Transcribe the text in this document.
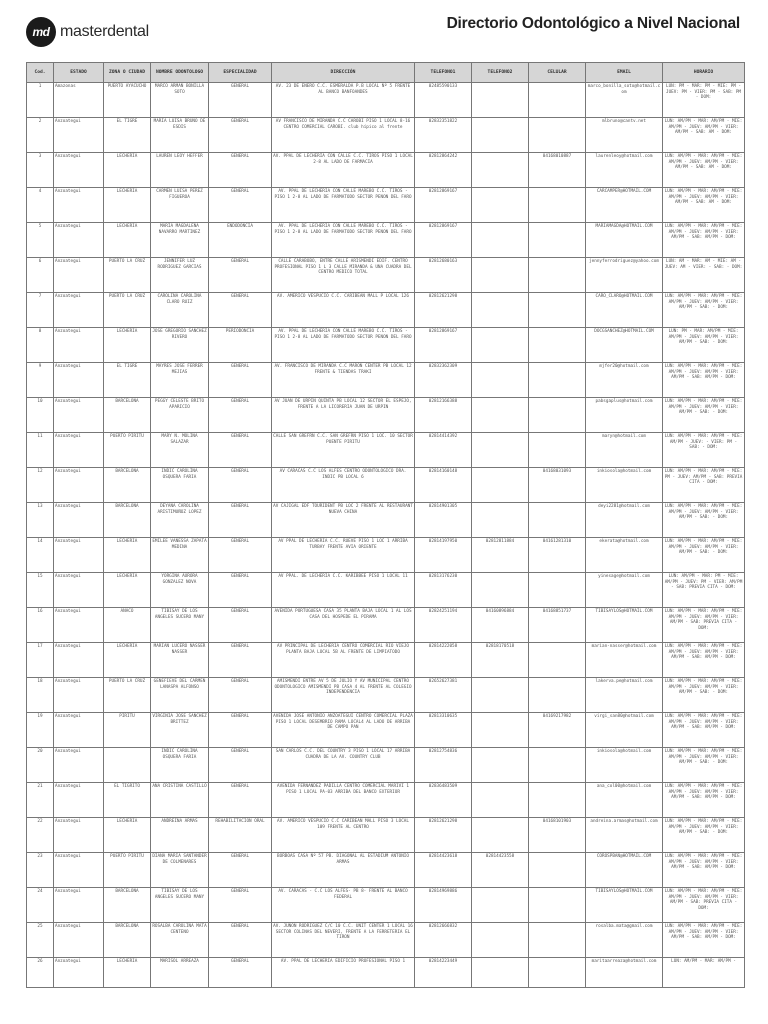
md masterdental	Directorio Odontológico a Nivel Nacional
Cod.	ESTADO	ZONA O CIUDAD	NOMBRE ODONTOLOGO	ESPECIALIDAD	DIRECCIÓN	TELEFONO1	TELEFONO2	CELULAR	EMAIL	HORARIO
1	Amazonas	PUERTO AYACUCHO	MARCO ARMAN BONILLA SOTO	GENERAL	AV. 23 DE ENERO C.C. ESMERALDA P.B LOCAL Nº 5 FRENTE AL BANCO BANFOANDES	02485590133			marco_bonilla_soto@hotmail.com	LUN: PM - MAR: PM - MIE: PM - JUEV: PM - VIER: PM - SAB: PM - DOM:
2	Anzoategui	EL TIGRE	MARIA LUISA BRUNO DE ESDIS	GENERAL	AV FRANCISCO DE MIRANDA C.C CAROBI PISO 1 LOCAL 8-16 CENTRO COMERCIAL CAROBI. club hípico al frente	02832351822			mlbruno@cantv.net	LUN: AM/PM - MAR: AM/PM - MIE: AM/PM - JUEV: AM/PM - VIER: AM/PM - SAB: AM - DOM:
3	Anzoategui	LECHERIA	LAUREN LEOY HEFFER	GENERAL	AV. PPAL DE LECHERIA CON CALLE C.C. TIROS PISO 1 LOCAL 2-8 AL LADO DE FARMACIA	02812864242		04168010887	laurenleoy@hotmail.com	LUN: AM/PM - MAR: AM/PM - MIE: AM/PM - JUEV: AM/PM - VIER: AM/PM - SAB: AM - DOM:
4	Anzoategui	LECHERIA	CARMEN LUISA PEREZ FIGUEROA	GENERAL	AV. PPAL DE LECHERIA CON CALLE MAREBO C.C. TIROS - PISO 1 2-8 AL LADO DE FARMATODO SECTOR PENON DEL FARO	02812869167			CARCAMPER@HOTMAIL.COM	LUN: AM/PM - MAR: AM/PM - MIE: AM/PM - JUEV: AM/PM - VIER: AM/PM - SAB: AM - DOM:
5	Anzoategui	LECHERIA	MARIA MAGDALENA NAVARRO MARTINEZ	ENDODONCIA	AV. PPAL DE LECHERIA CON CALLE MAREBO C.C. TIROS - PISO 1 2-8 AL LADO DE FARMATODO SECTOR PENON DEL FARO	02812869167			MARIAMAGDA@HOTMAIL.COM	LUN: AM/PM - MAR: AM/PM - MIE: AM/PM - JUEV: AM/PM - VIER: AM/PM - SAB: AM/PM - DOM:
6	Anzoategui	PUERTO LA CRUZ	JENNIFER LUZ RODRIGUEZ GARCIAS	GENERAL	CALLE CARABOBO, ENTRE CALLE ARISMENDI EDIF. CENTRO PROFESIONAL PISO 1 L 3 CALLE MIRANDA & UNA CUADRA DEL CENTRO MEDICO TOTAL	02812680163			jennyferrodriguez@yahoo.com	LUN: AM - MAR: AM - MIE: AM - JUEV: AM - VIER: - SAB: - DOM:
7	Anzoategui	PUERTO LA CRUZ	CAROLINA CAROLINA CLARO RUIZ	GENERAL	AV. AMERICO VESPUCIO C.C. CARIBEAN MALL P LOCAL 126	02812621298			CARO_CLARO@HOTMAIL.COM	LUN: AM/PM - MAR: AM/PM - MIE: AM/PM - JUEV: AM/PM - VIER: AM/PM - SAB: - DOM:
8	Anzoategui	LECHERIA	JOSE GREGORIO SANCHEZ RIVERO	PERIODONCIA	AV. PPAL DE LECHERIA CON CALLE MAREBO C.C. TIROS - PISO 1 2-8 AL LADO DE FARMATODO SECTOR PENON DEL FARO	02812869167			DOCGSANCHEZ@HOTMAIL.COM	LUN: PM - MAR: AM/PM - MIE: AM/PM - JUEV: AM/PM - VIER: AM/PM - SAB: - DOM:
9	Anzoategui	EL TIGRE	MAYRES JOSE FERRER MEJIAS	GENERAL	AV. FRANCISCO DE MIRANDA C.C MARON CENTER PB LOCAL 12 FRENTE & TIENDAS TRAKI	02832362309			mjfer20@hotmail.com	LUN: AM/PM - MAR: AM/PM - MIE: AM/PM - JUEV: AM/PM - VIER: AM/PM - SAB: AM/PM - DOM:
10	Anzoategui	BARCELONA	PEGGY CELESTE BRITO APARICIO	GENERAL	AV JUAN DE URPIN QUINTA PB LOCAL 12 SECTOR EL ESPEJO, FRENTE A LA LICORERIA JUAN DE URPIN	02812166388			pabsgaplus@hotmail.com	LUN: AM/PM - MAR: AM/PM - MIE: AM/PM - JUEV: AM/PM - VIER: AM/PM - SAB: - DOM:
11	Anzoategui	PUERTO PIRITU	MARY N. MOLINA SALAZAR	GENERAL	CALLE SAN GREFRN C.C. SAN GREFRN PISO 1 LOC. 10 SECTOR PUENTE PIRITU	02814414392			maryn@hotmail.com	LUN: AM/PM - MAR: AM/PM - MIE: AM/PM - JUEV: - VIER: PM - SAB: - DOM:
12	Anzoategui	BARCELONA	INDIC CAROLINA OSQUERA FARIA	GENERAL	AV CARACAS C.C LOS ALFES CENTRO ODONTOLOGICO DRA. INDIC PB LOCAL 6	02814160148		04168031093	inkiosola@hotmail.com	LUN: AM/PM - MAR: AM/PM - MIE: PM - JUEV: AM/PM - SAB: PREVIA CITA - DOM:
13	Anzoategui	BARCELONA	DEYANA CAROLINA ARISTIMUÑOZ LOPEZ	GENERAL	AV CAJIGAL EDF TOURIDENT PB LOC 2 FRENTE AL RESTAURANT NUEVA CHINA	02814901305			deyi2281@hotmail.com	LUN: AM/PM - MAR: AM/PM - MIE: AM/PM - JUEV: AM/PM - VIER: AM/PM - SAB: - DOM:
14	Anzoategui	LECHERIA	EMILEE VANESSA ZAPATA MEDINA	GENERAL	AV PPAL DE LECHERIA C.C. RUEVE PISO 1 LOC 1 ARRIBA TURBAY FRENTE AVIA ORIENTE	02814197950	02812811884	04161281310	ekerata@hotmail.com	LUN: AM/PM - MAR: AM/PM - MIE: AM/PM - JUEV: AM/PM - VIER: AM/PM - SAB: - DOM:
15	Anzoategui	LECHERIA	YORGINA AURORA GONZALEZ NOVA	GENERAL	AV PPAL. DE LECHERIA C.C. KARIBBEE PISO 1 LOCAL 11	02813176230			yinesage@hotmail.com	LUN: AM/PM - MAR: PM - MIE: AM/PM - JUEV: PM - VIER: AM/PM - SAB: PREVIA CITA - DOM:
16	Anzoategui	ANACO	TIBISAY DE LOS ANGELES SUCERO MANY	GENERAL	AVENIDA PORTUGUESA CASA 35 PLANTA BAJA LOCAL 1 AL LOS CASA DEL HOSPEDE EL PIRAMA	02824251194	04160896884	04168851737	TIBISAYLOS@HOTMAIL.COM	LUN: AM/PM - MAR: AM/PM - MIE: AM/PM - JUEV: AM/PM - VIER: AM/PM - SAB: PREVIA CITA - DOM:
17	Anzoategui	LECHERIA	MARIAN LUCERO NASSER NASSER	GENERAL	AV PRINCIPAL DE LECHERIA CENTRO COMERCIAL RIO VIEJO PLANTA BAJA LOCAL 5B AL FRENTE DE LIMPIATODO	02814222058	02818170518		marian-nasser@hotmail.com	LUN: AM/PM - MAR: AM/PM - MIE: AM/PM - JUEV: AM/PM - VIER: AM/PM - SAB: AM/PM - DOM:
18	Anzoategui	PUERTO LA CRUZ	GENEFIEVE DEL CARMEN LANASPA ALFONSO	GENERAL	AMISMENDI ENTRE AV 5 DE JULIO Y AV MUNICIPAL CENTRO ODONTOLOGICO AMISMENDI PB CASA 4 AL FRENTE AL COLEGIO INDEPENDENCIA	02652627381			lakerva.pe@hotmail.com	LUN: AM/PM - MAR: AM/PM - MIE: AM/PM - JUEV: AM/PM - VIER: AM/PM - SAB: - DOM:
19	Anzoategui	PIRITU	VIRGINIA JOSE SANCHEZ BRITTEZ	GENERAL	AVENIDA JOSE ANTONIO ANZOATEGUI CENTRO COMERCIAL PLAZA PISO 1 LOCAL DESEMBRIO RAMA LOCAL4 AL LADO DE ARRIBA DE CAMPO PAN	02813310635		04169217982	virgi_san80@hotmail.com	LUN: AM/PM - MAR: AM/PM - MIE: AM/PM - JUEV: AM/PM - VIER: AM/PM - SAB: AM/PM - DOM:
20	Anzoategui		INDIC CAROLINA OSQUERA FARIA	GENERAL	SAN CARLOS C.C. DEL COUNTRY 3 PISO 1 LOCAL 17 ARRIBA CUADRA DE LA AV. COUNTRY CLUB	02812754836			inkiosola@hotmail.com	LUN: AM/PM - MAR: AM/PM - MIE: AM/PM - JUEV: AM/PM - VIER: AM/PM - SAB: - DOM:
21	Anzoategui	EL TIGRITO	ANA CRISTINA CASTILLO	GENERAL	AVENIDA FERNANDEZ PADILLA CENTRO COMERCIAL MARIVI 1 PISO 1 LOCAL PA-03 ARRIBA DEL BANCO EXTERIOR	02836483509			ana_col00@hotmail.com	LUN: AM/PM - MAR: AM/PM - MIE: AM/PM - JUEV: AM/PM - VIER: AM/PM - SAB: AM/PM - DOM:
22	Anzoategui	LECHERIA	ANDREINA ARMAS	REHABILITACION ORAL	AV. AMERICO VESPUCIO C.C CARIBEAN MALL PISO 3 LOCAL 109 FRENTE AL CENTRO	02812621298		04168101903	andreina.armas@hotmail.com	LUN: AM/PM - MAR: AM/PM - MIE: AM/PM - JUEV: AM/PM - VIER: AM/PM - SAB: - DOM:
23	Anzoategui	PUERTO PIRITU	DIANA MARIA SANTANDER DE COLMENARES	GENERAL	BORBOAS CASA Nº 57 PB. DIAGONAL AL ESTADIUM ANTONIO ARMAS	02814423618	02814423558		COROSPBAN@HOTMAIL.COM	LUN: AM/PM - MAR: AM/PM - MIE: AM/PM - JUEV: AM/PM - VIER: AM/PM - SAB: AM/PM - DOM:
24	Anzoategui	BARCELONA	TIBISAY DE LOS ANGELES SUCERO MANY	GENERAL	AV. CARACAS - C.C LOS ALFES- PB 8- FRENTE AL BANCO FEDERAL	02814969886			TIBISAYLOS@HOTMAIL.COM	LUN: AM/PM - MAR: AM/PM - MIE: AM/PM - JUEV: AM/PM - VIER: AM/PM - SAB: PREVIA CITA - DOM:
25	Anzoategui	BARCELONA	ROSALBA CAROLINA MATA CENTENO	GENERAL	AV. JUNON RODRIGUEZ C/C 10 C.C. UNIT CENTER 1 LOCAL 16 SECTOR COLINAS DEL NEVERI, FRENTE A LA FERRETERIA EL TIRON	02812666832			rosalba.mata@gmail.com	LUN: AM/PM - MAR: AM/PM - MIE: AM/PM - JUEV: AM/PM - VIER: AM/PM - SAB: AM/PM - DOM:
26	Anzoategui	LECHERIA	MARISOL ARREAZA	GENERAL	AV. PPAL DE LECHERIA EDIFICIO PROFESIONAL PISO 1	02814223449			maritaarreaza@hotmail.com	LUN: AM/PM - MAR: AM/PM -
